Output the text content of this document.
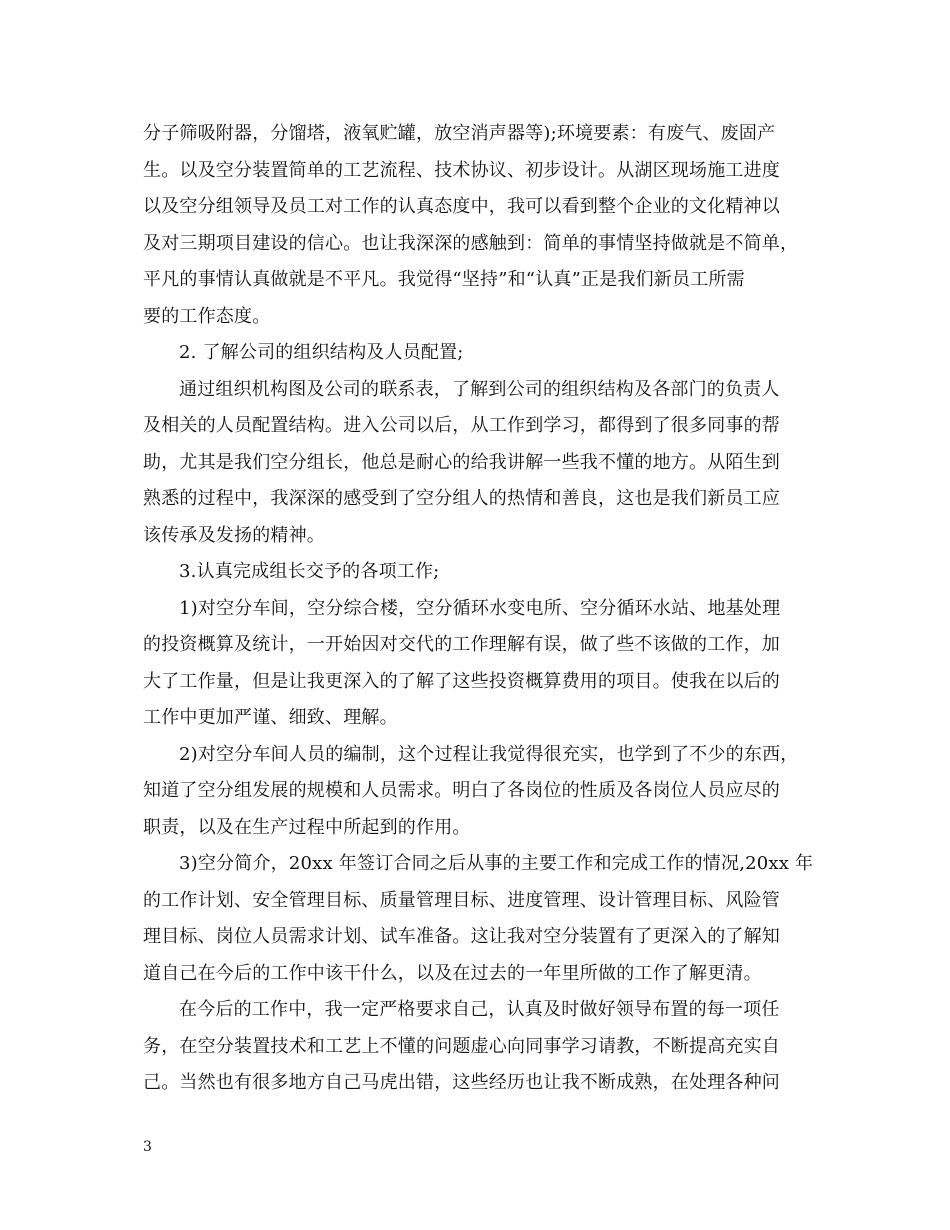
分子筛吸附器，分馏塔，液氧贮罐，放空消声器等);环境要素：有废气、废固产
生。以及空分装置简单的工艺流程、技术协议、初步设计。从湖区现场施工进度
以及空分组领导及员工对工作的认真态度中，我可以看到整个企业的文化精神以
及对三期项目建设的信心。也让我深深的感触到：简单的事情坚持做就是不简单，
平凡的事情认真做就是不平凡。我觉得“坚持”和“认真”正是我们新员工所需
要的工作态度。
2. 了解公司的组织结构及人员配置;
通过组织机构图及公司的联系表，了解到公司的组织结构及各部门的负责人
及相关的人员配置结构。进入公司以后，从工作到学习，都得到了很多同事的帮
助，尤其是我们空分组长，他总是耐心的给我讲解一些我不懂的地方。从陌生到
熟悉的过程中，我深深的感受到了空分组人的热情和善良，这也是我们新员工应
该传承及发扬的精神。
3.认真完成组长交予的各项工作;
1)对空分车间，空分综合楼，空分循环水变电所、空分循环水站、地基处理
的投资概算及统计，一开始因对交代的工作理解有误，做了些不该做的工作，加
大了工作量，但是让我更深入的了解了这些投资概算费用的项目。使我在以后的
工作中更加严谨、细致、理解。
2)对空分车间人员的编制，这个过程让我觉得很充实，也学到了不少的东西，
知道了空分组发展的规模和人员需求。明白了各岗位的性质及各岗位人员应尽的
职责，以及在生产过程中所起到的作用。
3)空分简介，20xx 年签订合同之后从事的主要工作和完成工作的情况,20xx 年
的工作计划、安全管理目标、质量管理目标、进度管理、设计管理目标、风险管
理目标、岗位人员需求计划、试车准备。这让我对空分装置有了更深入的了解知
道自己在今后的工作中该干什么，以及在过去的一年里所做的工作了解更清。
在今后的工作中，我一定严格要求自己，认真及时做好领导布置的每一项任
务，在空分装置技术和工艺上不懂的问题虚心向同事学习请教，不断提高充实自
己。当然也有很多地方自己马虎出错，这些经历也让我不断成熟，在处理各种问
3
